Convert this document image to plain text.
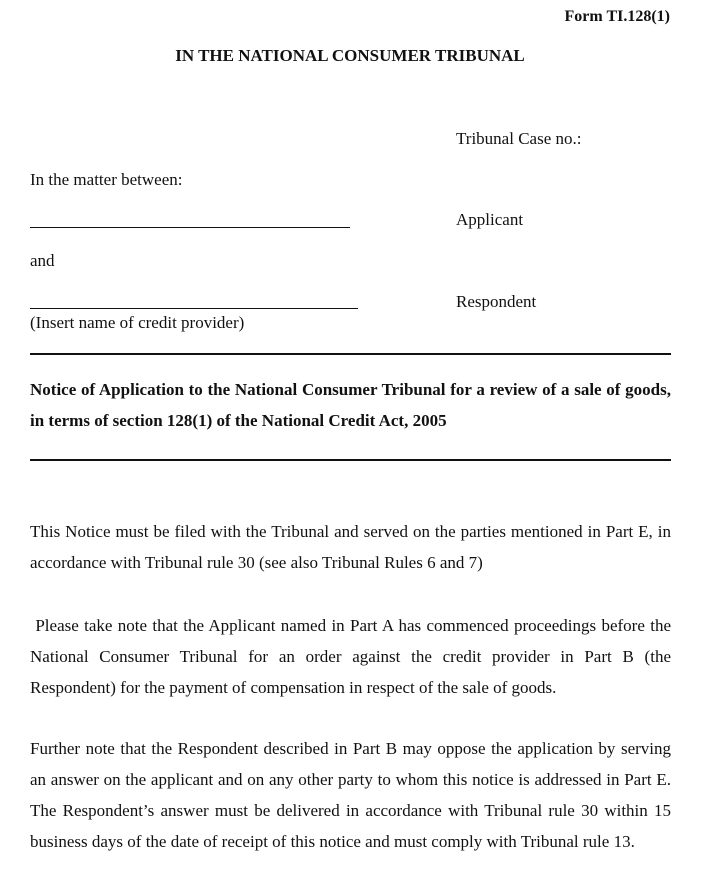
Form TI.128(1)
IN THE NATIONAL CONSUMER TRIBUNAL
Tribunal Case no.:
In the matter between:
Applicant
and
Respondent
(Insert name of credit provider)
Notice of Application to the National Consumer Tribunal for a review of a sale of goods, in terms of section 128(1) of the National Credit Act, 2005
This Notice must be filed with the Tribunal and served on the parties mentioned in Part E, in accordance with Tribunal rule 30 (see also Tribunal Rules 6 and 7)
Please take note that the Applicant named in Part A has commenced proceedings before the National Consumer Tribunal for an order against the credit provider in Part B (the Respondent) for the payment of compensation in respect of the sale of goods.
Further note that the Respondent described in Part B may oppose the application by serving an answer on the applicant and on any other party to whom this notice is addressed in Part E. The Respondent’s answer must be delivered in accordance with Tribunal rule 30 within 15 business days of the date of receipt of this notice and must comply with Tribunal rule 13.
